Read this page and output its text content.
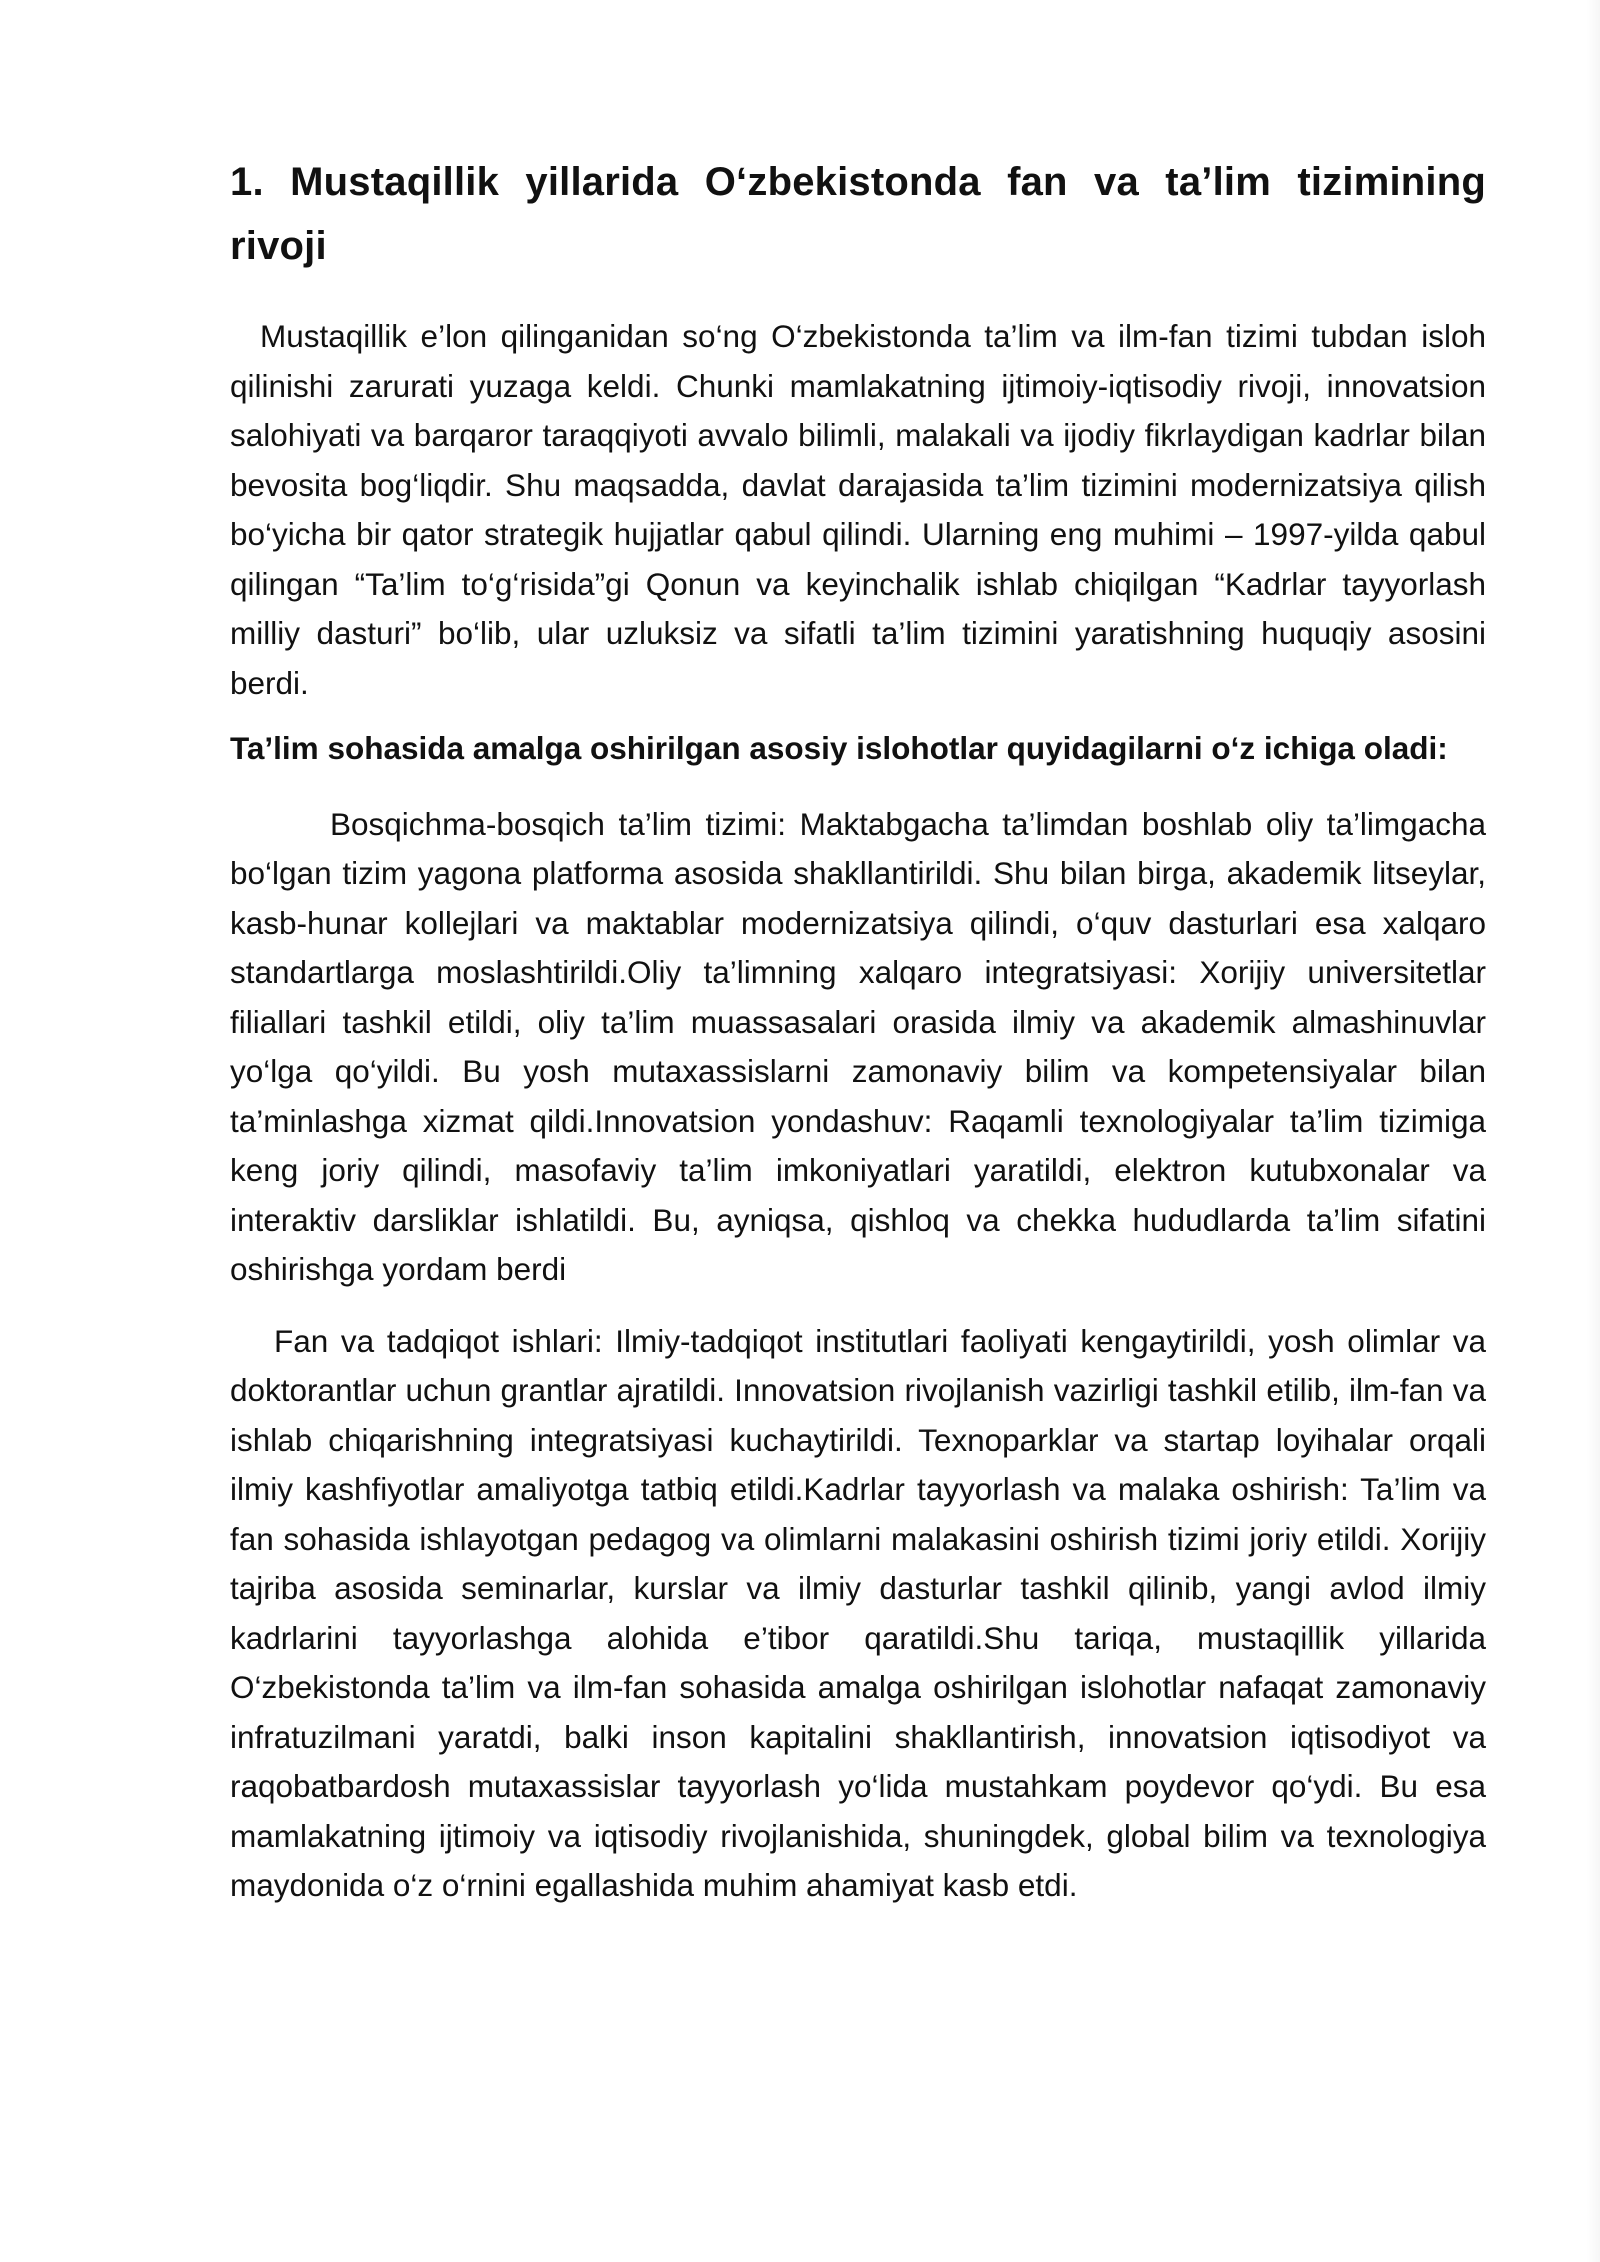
1. Mustaqillik yillarida O‘zbekistonda fan va ta’lim tizimining rivoji

Mustaqillik e’lon qilinganidan so‘ng O‘zbekistonda ta’lim va ilm-fan tizimi tubdan isloh qilinishi zarurati yuzaga keldi. Chunki mamlakatning ijtimoiy-iqtisodiy rivoji, innovatsion salohiyati va barqaror taraqqiyoti avvalo bilimli, malakali va ijodiy fikrlaydigan kadrlar bilan bevosita bog‘liqdir. Shu maqsadda, davlat darajasida ta’lim tizimini modernizatsiya qilish bo‘yicha bir qator strategik hujjatlar qabul qilindi. Ularning eng muhimi – 1997-yilda qabul qilingan “Ta’lim to‘g‘risida”gi Qonun va keyinchalik ishlab chiqilgan “Kadrlar tayyorlash milliy dasturi” bo‘lib, ular uzluksiz va sifatli ta’lim tizimini yaratishning huquqiy asosini berdi.

Ta’lim sohasida amalga oshirilgan asosiy islohotlar quyidagilarni o‘z ichiga oladi:

Bosqichma-bosqich ta’lim tizimi: Maktabgacha ta’limdan boshlab oliy ta’limgacha bo‘lgan tizim yagona platforma asosida shakllantirildi. Shu bilan birga, akademik litseylar, kasb-hunar kollejlari va maktablar modernizatsiya qilindi, o‘quv dasturlari esa xalqaro standartlarga moslashtirildi.Oliy ta’limning xalqaro integratsiyasi: Xorijiy universitetlar filiallari tashkil etildi, oliy ta’lim muassasalari orasida ilmiy va akademik almashinuvlar yo‘lga qo‘yildi. Bu yosh mutaxassislarni zamonaviy bilim va kompetensiyalar bilan ta’minlashga xizmat qildi.Innovatsion yondashuv: Raqamli texnologiyalar ta’lim tizimiga keng joriy qilindi, masofaviy ta’lim imkoniyatlari yaratildi, elektron kutubxonalar va interaktiv darsliklar ishlatildi. Bu, ayniqsa, qishloq va chekka hududlarda ta’lim sifatini oshirishga yordam berdi

Fan va tadqiqot ishlari: Ilmiy-tadqiqot institutlari faoliyati kengaytirildi, yosh olimlar va doktorantlar uchun grantlar ajratildi. Innovatsion rivojlanish vazirligi tashkil etilib, ilm-fan va ishlab chiqarishning integratsiyasi kuchaytirildi. Texnoparklar va startap loyihalar orqali ilmiy kashfiyotlar amaliyotga tatbiq etildi.Kadrlar tayyorlash va malaka oshirish: Ta’lim va fan sohasida ishlayotgan pedagog va olimlarni malakasini oshirish tizimi joriy etildi. Xorijiy tajriba asosida seminarlar, kurslar va ilmiy dasturlar tashkil qilinib, yangi avlod ilmiy kadrlarini tayyorlashga alohida e’tibor qaratildi.Shu tariqa, mustaqillik yillarida O‘zbekistonda ta’lim va ilm-fan sohasida amalga oshirilgan islohotlar nafaqat zamonaviy infratuzilmani yaratdi, balki inson kapitalini shakllantirish, innovatsion iqtisodiyot va raqobatbardosh mutaxassislar tayyorlash yo‘lida mustahkam poydevor qo‘ydi. Bu esa mamlakatning ijtimoiy va iqtisodiy rivojlanishida, shuningdek, global bilim va texnologiya maydonida o‘z o‘rnini egallashida muhim ahamiyat kasb etdi.
